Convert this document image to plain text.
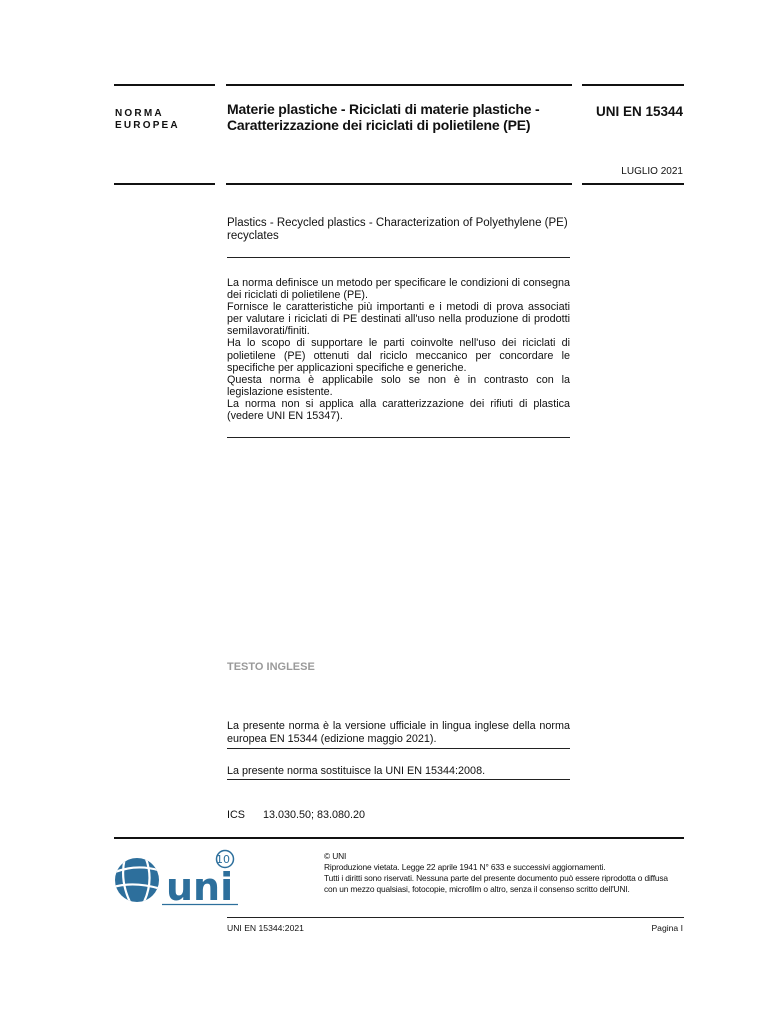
NORMA
EUROPEA
Materie plastiche - Riciclati di materie plastiche -
Caratterizzazione dei riciclati di polietilene (PE)
UNI EN 15344
LUGLIO 2021
Plastics - Recycled plastics - Characterization of Polyethylene (PE)
recyclates

La norma definisce un metodo per specificare le condizioni di consegna dei riciclati di polietilene (PE).

Fornisce le caratteristiche più importanti e i metodi di prova associati per valutare i riciclati di PE destinati all'uso nella produzione di prodotti semilavorati/finiti.

Ha lo scopo di supportare le parti coinvolte nell'uso dei riciclati di polietilene (PE) ottenuti dal riciclo meccanico per concordare le specifiche per applicazioni specifiche e generiche.

Questa norma è applicabile solo se non è in contrasto con la legislazione esistente.

La norma non si applica alla caratterizzazione dei rifiuti di plastica (vedere UNI EN 15347).

TESTO INGLESE
La presente norma è la versione ufficiale in lingua inglese della norma europea EN 15344 (edizione maggio 2021).
La presente norma sostituisce la UNI EN 15344:2008.
ICS 13.030.50; 83.080.20
uni
10	© UNI
Riproduzione vietata. Legge 22 aprile 1941 N° 633 e successivi aggiornamenti.
Tutti i diritti sono riservati. Nessuna parte del presente documento può essere riprodotta o diffusa
con un mezzo qualsiasi, fotocopie, microfilm o altro, senza il consenso scritto dell'UNI.
UNI EN 15344:2021	Pagina I
